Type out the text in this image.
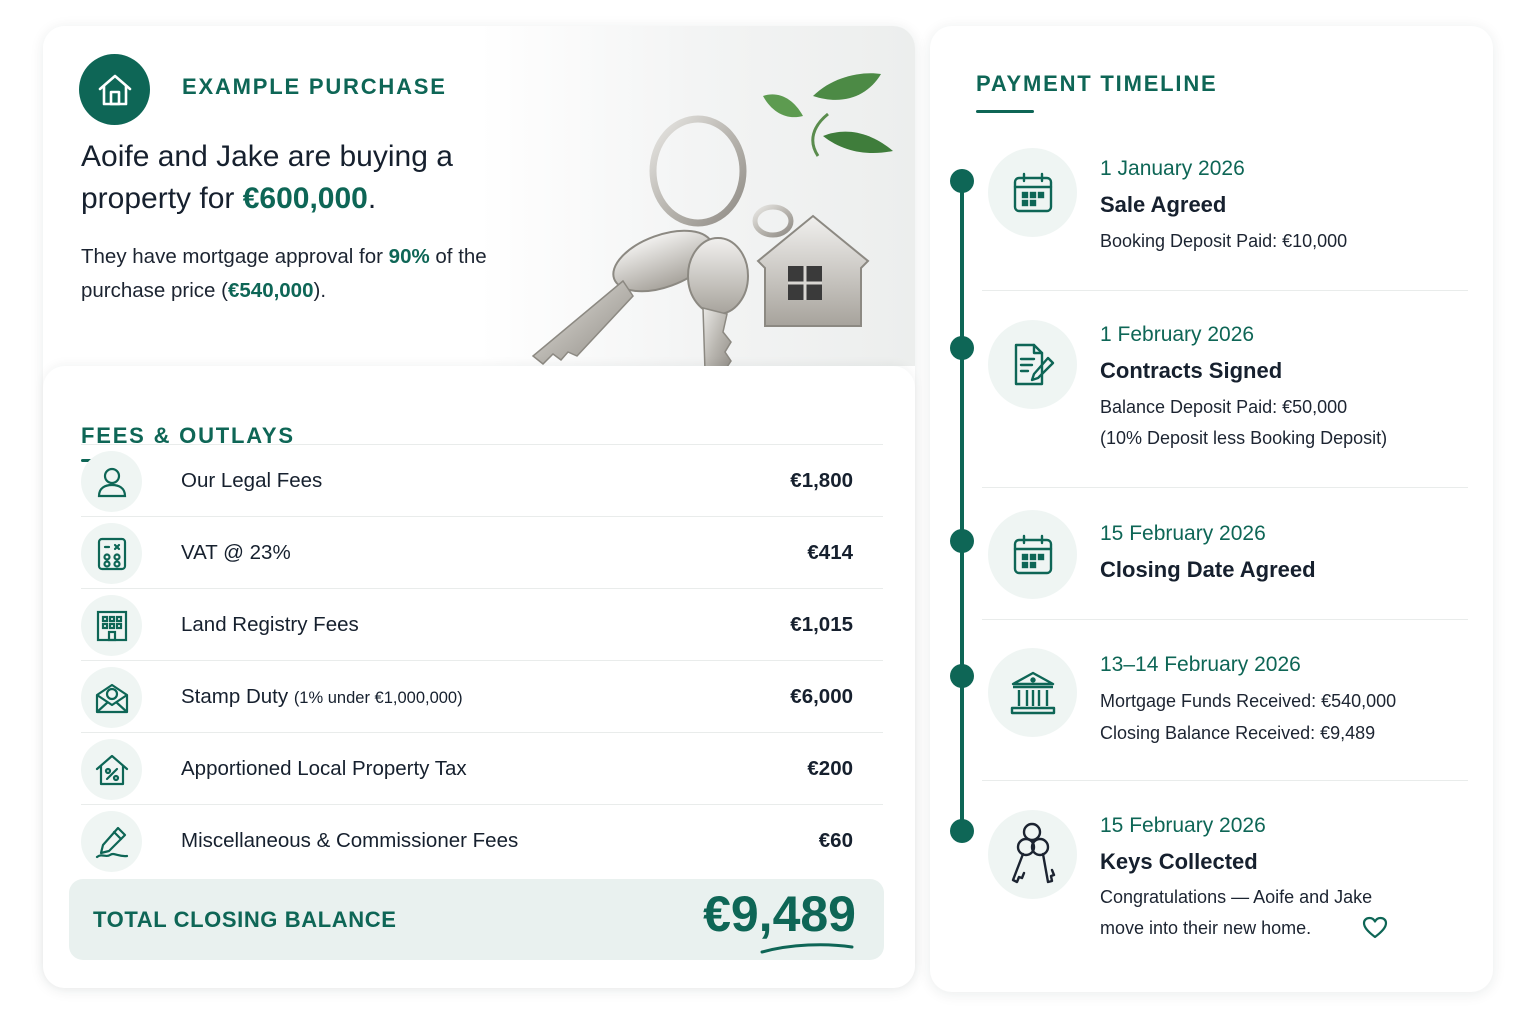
EXAMPLE PURCHASE
Aoife and Jake are buying a property for €600,000.
They have mortgage approval for 90% of the purchase price (€540,000).
FEES & OUTLAYS
Our Legal Fees	€1,800
VAT @ 23%	€414
Land Registry Fees	€1,015
Stamp Duty (1% under €1,000,000)	€6,000
Apportioned Local Property Tax	€200
Miscellaneous & Commissioner Fees	€60
TOTAL CLOSING BALANCE	€9,489
PAYMENT TIMELINE
1 January 2026
Sale Agreed
Booking Deposit Paid: €10,000
1 February 2026
Contracts Signed
Balance Deposit Paid: €50,000
(10% Deposit less Booking Deposit)
15 February 2026
Closing Date Agreed
13–14 February 2026
Mortgage Funds Received: €540,000
Closing Balance Received: €9,489
15 February 2026
Keys Collected
Congratulations — Aoife and Jake
move into their new home.
